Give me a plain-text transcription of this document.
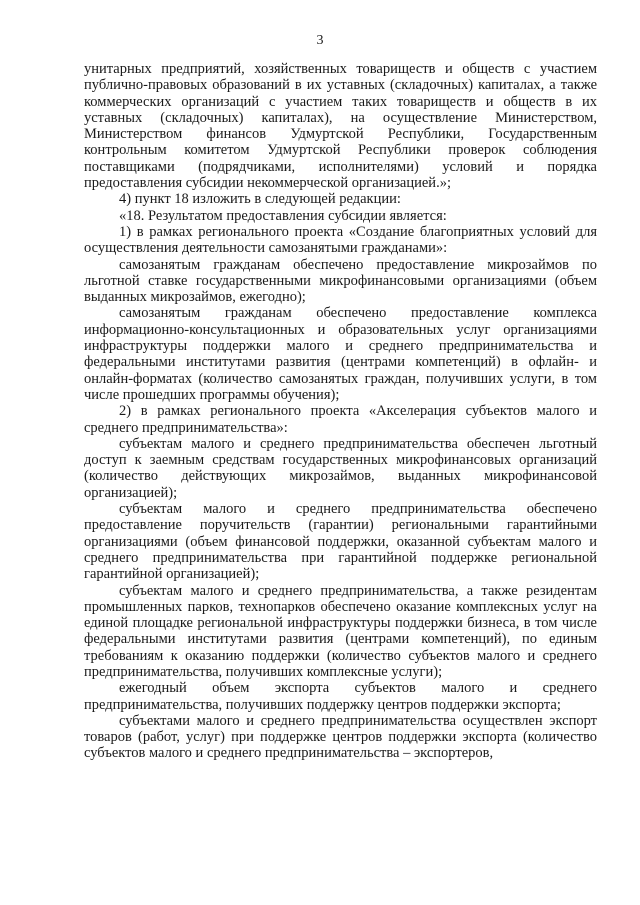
3

унитарных предприятий, хозяйственных товариществ и обществ с участием публично-правовых образований в их уставных (складочных) капиталах, а также коммерческих организаций с участием таких товариществ и обществ в их уставных (складочных) капиталах), на осуществление Министерством, Министерством финансов Удмуртской Республики, Государственным контрольным комитетом Удмуртской Республики проверок соблюдения поставщиками (подрядчиками, исполнителями) условий и порядка предоставления субсидии некоммерческой организацией.»;

4) пункт 18 изложить в следующей редакции:

«18. Результатом предоставления субсидии является:

1) в рамках регионального проекта «Создание благоприятных условий для осуществления деятельности самозанятыми гражданами»:

самозанятым гражданам обеспечено предоставление микрозаймов по льготной ставке государственными микрофинансовыми организациями (объем выданных микрозаймов, ежегодно);

самозанятым гражданам обеспечено предоставление комплекса информационно-консультационных и образовательных услуг организациями инфраструктуры поддержки малого и среднего предпринимательства и федеральными институтами развития (центрами компетенций) в офлайн- и онлайн-форматах (количество самозанятых граждан, получивших услуги, в том числе прошедших программы обучения);

2) в рамках регионального проекта «Акселерация субъектов малого и среднего предпринимательства»:

субъектам малого и среднего предпринимательства обеспечен льготный доступ к заемным средствам государственных микрофинансовых организаций (количество действующих микрозаймов, выданных микрофинансовой организацией);

субъектам малого и среднего предпринимательства обеспечено предоставление поручительств (гарантии) региональными гарантийными организациями (объем финансовой поддержки, оказанной субъектам малого и среднего предпринимательства при гарантийной поддержке региональной гарантийной организацией);

субъектам малого и среднего предпринимательства, а также резидентам промышленных парков, технопарков обеспечено оказание комплексных услуг на единой площадке региональной инфраструктуры поддержки бизнеса, в том числе федеральными институтами развития (центрами компетенций), по единым требованиям к оказанию поддержки (количество субъектов малого и среднего предпринимательства, получивших комплексные услуги);

ежегодный объем экспорта субъектов малого и среднего предпринимательства, получивших поддержку центров поддержки экспорта;

субъектами малого и среднего предпринимательства осуществлен экспорт товаров (работ, услуг) при поддержке центров поддержки экспорта (количество субъектов малого и среднего предпринимательства – экспортеров,
